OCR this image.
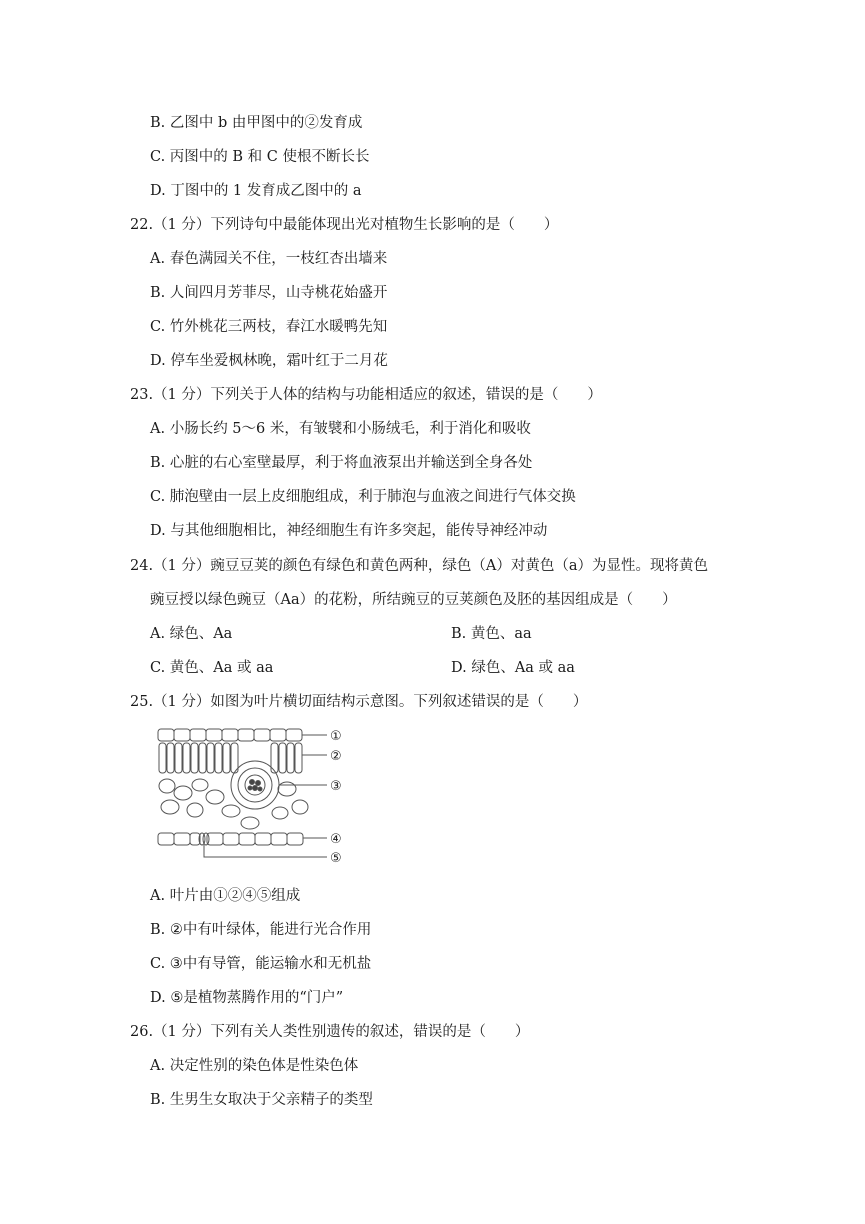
B. 乙图中 b 由甲图中的②发育成
C. 丙图中的 B 和 C 使根不断长长
D. 丁图中的 1 发育成乙图中的 a
22.（1 分）下列诗句中最能体现出光对植物生长影响的是（　　）
A. 春色满园关不住，一枝红杏出墙来
B. 人间四月芳菲尽，山寺桃花始盛开
C. 竹外桃花三两枝，春江水暖鸭先知
D. 停车坐爱枫林晚，霜叶红于二月花
23.（1 分）下列关于人体的结构与功能相适应的叙述，错误的是（　　）
A. 小肠长约 5～6 米，有皱襞和小肠绒毛，利于消化和吸收
B. 心脏的右心室壁最厚，利于将血液泵出并输送到全身各处
C. 肺泡壁由一层上皮细胞组成，利于肺泡与血液之间进行气体交换
D. 与其他细胞相比，神经细胞生有许多突起，能传导神经冲动
24.（1 分）豌豆豆荚的颜色有绿色和黄色两种，绿色（A）对黄色（a）为显性。现将黄色
豌豆授以绿色豌豆（Aa）的花粉，所结豌豆的豆荚颜色及胚的基因组成是（　　）
A. 绿色、Aa	B. 黄色、aa
C. 黄色、Aa 或 aa	D. 绿色、Aa 或 aa
25.（1 分）如图为叶片横切面结构示意图。下列叙述错误的是（　　）
①
②
③
④
⑤
A. 叶片由①②④⑤组成
B. ②中有叶绿体，能进行光合作用
C. ③中有导管，能运输水和无机盐
D. ⑤是植物蒸腾作用的“门户”
26.（1 分）下列有关人类性别遗传的叙述，错误的是（　　）
A. 决定性别的染色体是性染色体
B. 生男生女取决于父亲精子的类型
